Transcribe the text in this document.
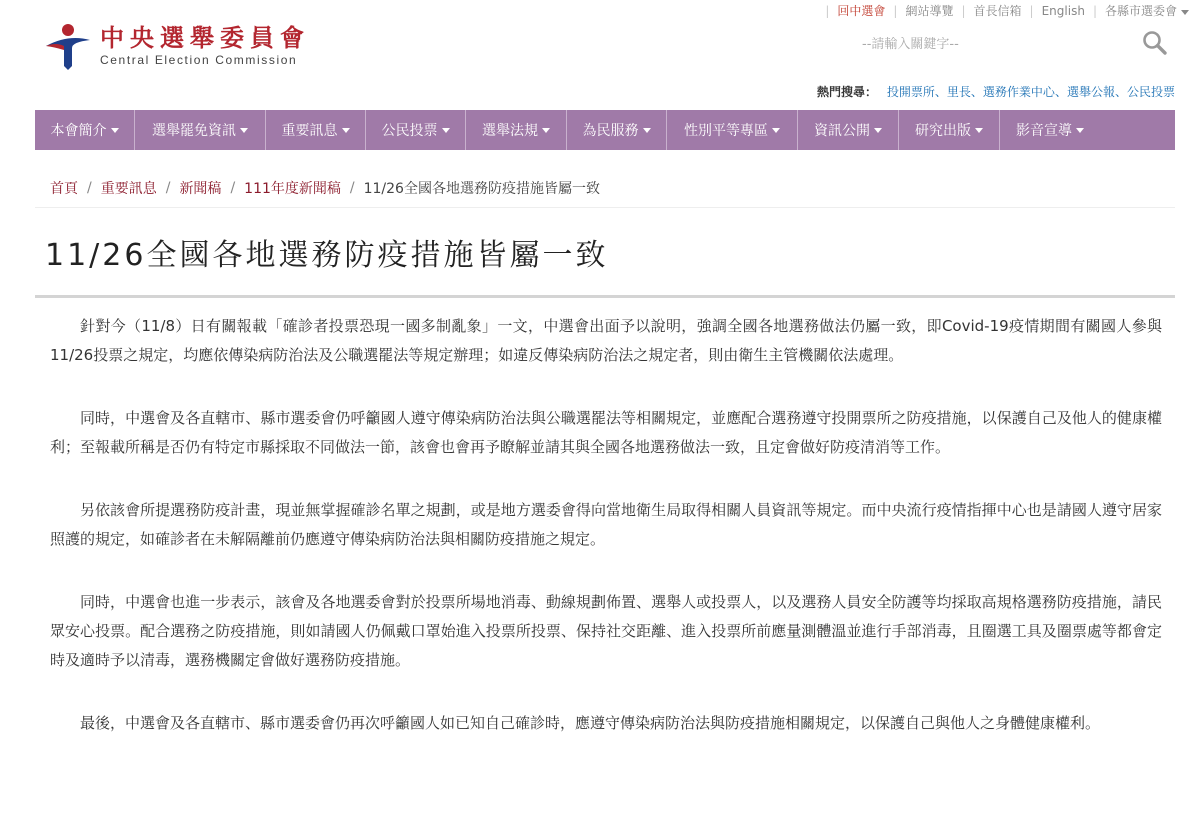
| 回中選會 | 網站導覽 | 首長信箱 | English | 各縣市選委會
中央選舉委員會
Central Election Commission
--請輸入關鍵字--
熱門搜尋： 投開票所、里長、選務作業中心、選舉公報、公民投票
本會簡介	選舉罷免資訊	重要訊息	公民投票	選舉法規	為民服務	性別平等專區	資訊公開	研究出版	影音宣導
首頁 / 重要訊息 / 新聞稿 / 111年度新聞稿 / 11/26全國各地選務防疫措施皆屬一致
11/26全國各地選務防疫措施皆屬一致

針對今（11/8）日有關報載「確診者投票恐現一國多制亂象」一文，中選會出面予以說明，強調全國各地選務做法仍屬一致，即Covid-19疫情期間有關國人參與11/26投票之規定，均應依傳染病防治法及公職選罷法等規定辦理；如違反傳染病防治法之規定者，則由衛生主管機關依法處理。

同時，中選會及各直轄市、縣市選委會仍呼籲國人遵守傳染病防治法與公職選罷法等相關規定，並應配合選務遵守投開票所之防疫措施，以保護自己及他人的健康權利；至報載所稱是否仍有特定市縣採取不同做法一節，該會也會再予瞭解並請其與全國各地選務做法一致，且定會做好防疫清消等工作。

另依該會所提選務防疫計畫，現並無掌握確診名單之規劃，或是地方選委會得向當地衛生局取得相關人員資訊等規定。而中央流行疫情指揮中心也是請國人遵守居家照護的規定，如確診者在未解隔離前仍應遵守傳染病防治法與相關防疫措施之規定。

同時，中選會也進一步表示，該會及各地選委會對於投票所場地消毒、動線規劃佈置、選舉人或投票人，以及選務人員安全防護等均採取高規格選務防疫措施，請民眾安心投票。配合選務之防疫措施，則如請國人仍佩戴口罩始進入投票所投票、保持社交距離、進入投票所前應量測體溫並進行手部消毒，且圈選工具及圈票處等都會定時及適時予以清毒，選務機關定會做好選務防疫措施。

最後，中選會及各直轄市、縣市選委會仍再次呼籲國人如已知自己確診時，應遵守傳染病防治法與防疫措施相關規定，以保護自己與他人之身體健康權利。
